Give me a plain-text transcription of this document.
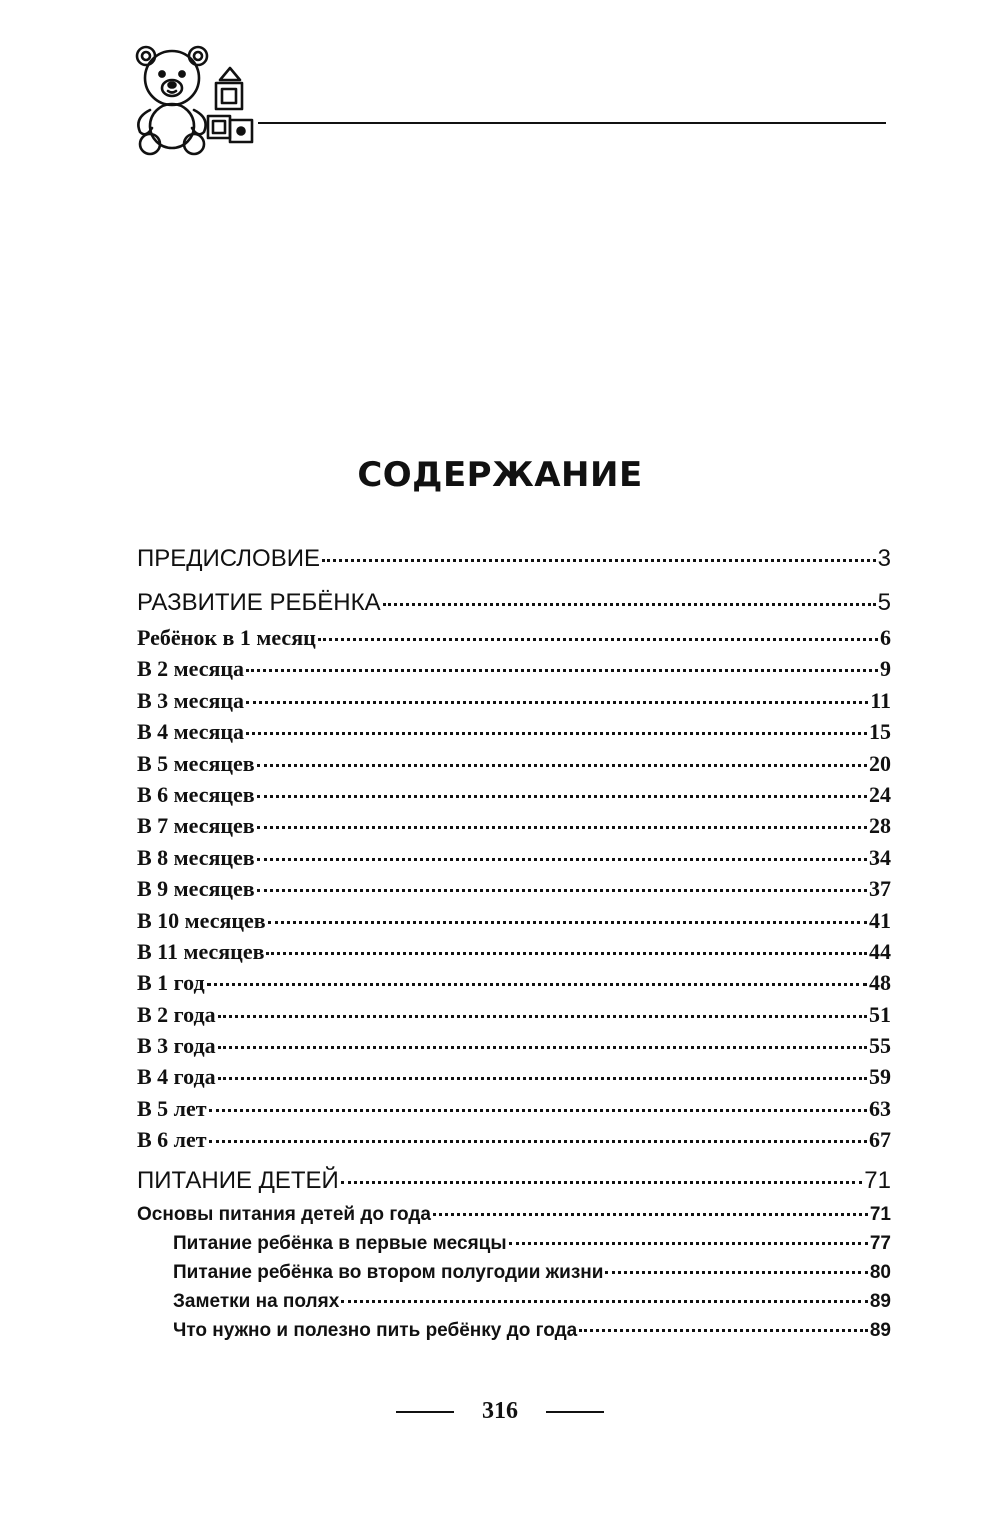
СОДЕРЖАНИЕ
ПРЕДИСЛОВИЕ	3
РАЗВИТИЕ РЕБЁНКА	5
Ребёнок в 1 месяц	6
В 2 месяца	9
В 3 месяца	11
В 4 месяца	15
В 5 месяцев	20
В 6 месяцев	24
В 7 месяцев	28
В 8 месяцев	34
В 9 месяцев	37
В 10 месяцев	41
В 11 месяцев	44
В 1 год	48
В 2 года	51
В 3 года	55
В 4 года	59
В 5 лет	63
В 6 лет	67
ПИТАНИЕ ДЕТЕЙ	71
Основы питания детей до года	71
Питание ребёнка в первые месяцы	77
Питание ребёнка во втором полугодии жизни	80
Заметки на полях	89
Что нужно и полезно пить ребёнку до года	89
316
